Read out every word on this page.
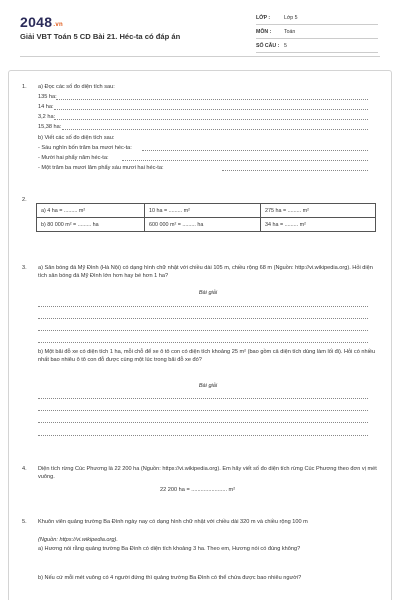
2048.vn
Giải VBT Toán 5 CD Bài 21. Héc-ta có đáp án
LỚP :	Lớp 5
MÔN : Toán
SỐ CÂU : 5
1. a) Đọc các số đo diện tích sau:
135 ha:
14 ha:
3,2 ha:
15,38 ha:
b) Viết các số đo diện tích sau:
- Sáu nghìn bốn trăm ba mươi héc-ta:
- Mười hai phẩy năm héc-ta:
- Một trăm ba mươi lăm phẩy sáu mươi hai héc-ta:
2.
a) 4 ha = ......... m²	10 ha = ......... m²	275 ha = ......... m²
b) 80 000 m² = ......... ha	600 000 m² = ......... ha	34 ha = ......... m²
3. a) Sân bóng đá Mỹ Đình (Hà Nội) có dạng hình chữ nhật với chiều dài 105 m, chiều rộng 68 m (Nguồn: http://vi.wikipedia.org). Hỏi diện tích sân bóng đá Mỹ Đình lớn hơn hay bé hơn 1 ha?
Bài giải
b) Một bãi đỗ xe có diện tích 1 ha, mỗi chỗ để xe ô tô con có diện tích khoảng 25 m² (bao gồm cả diện tích dùng làm lối đi). Hỏi có nhiều nhất bao nhiêu ô tô con đỗ được cùng một lúc trong bãi đỗ xe đó?
Bài giải
4. Diện tích rừng Cúc Phương là 22 200 ha (Nguồn: https://vi.wikipedia.org). Em hãy viết số đo diện tích rừng Cúc Phương theo đơn vị mét vuông.
22 200 ha = ....................... m²
5. Khuôn viên quảng trường Ba Đình ngày nay có dạng hình chữ nhật với chiều dài 320 m và chiều rộng 100 m
(Nguồn: https://vi.wikipedia.org).
a) Hương nói rằng quảng trường Ba Đình có diện tích khoảng 3 ha. Theo em, Hương nói có đúng không?
b) Nếu cứ mỗi mét vuông có 4 người đứng thì quảng trường Ba Đình có thể chứa được bao nhiêu người?
